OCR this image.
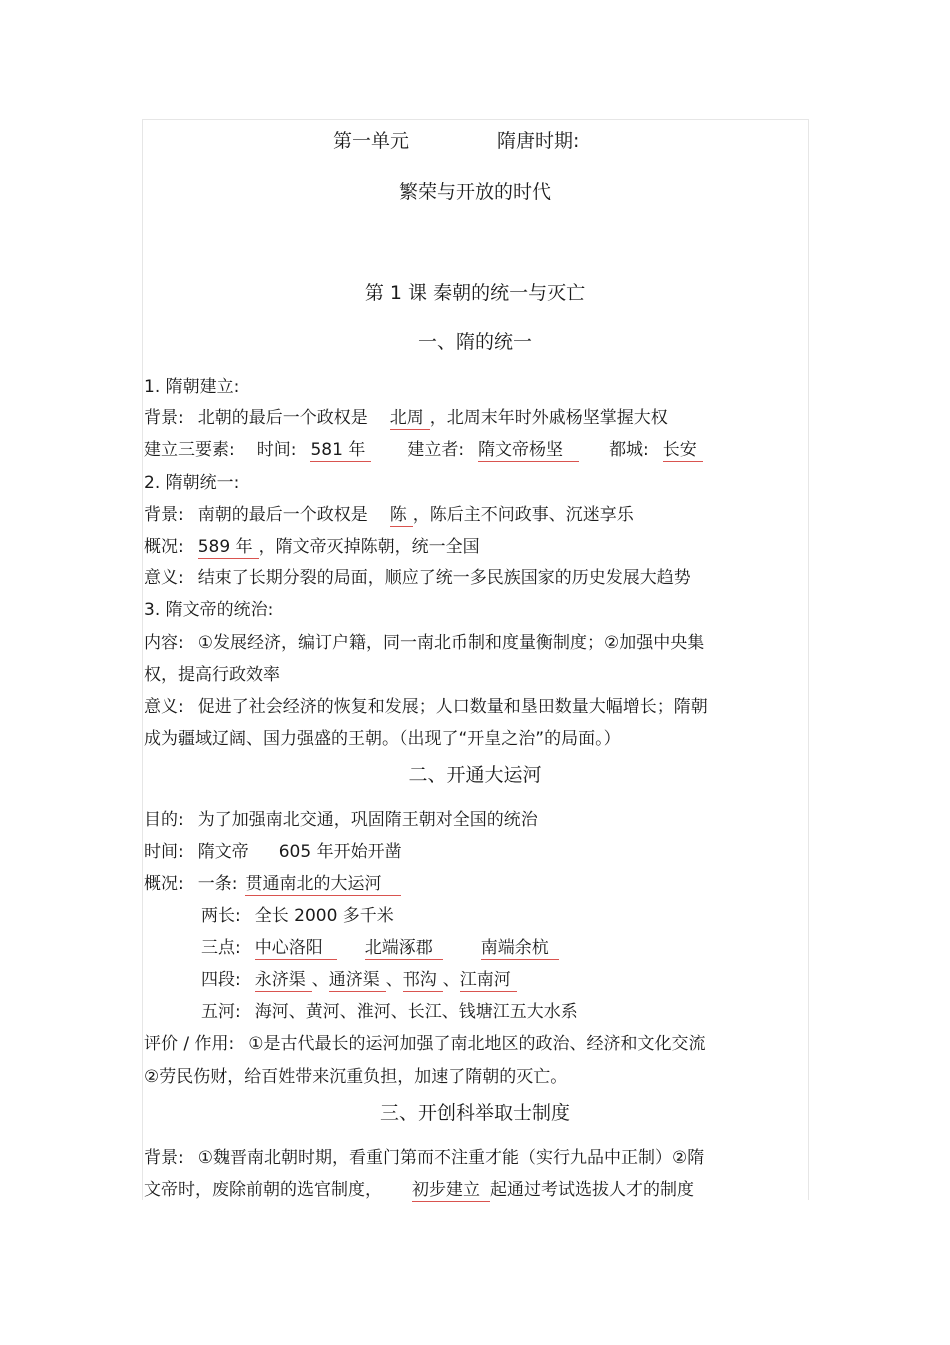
第一单元	隋唐时期:
繁荣与开放的时代
第 1 课 秦朝的统一与灭亡
一、隋的统一
1. 隋朝建立:
背景: 北朝的最后一个政权是 北周 ，北周末年时外戚杨坚掌握大权
建立三要素: 时间: 581 年 建立者: 隋文帝杨坚	都城: 长安
2. 隋朝统一:
背景: 南朝的最后一个政权是 陈 ，陈后主不问政事、沉迷享乐
概况: 589 年 ，隋文帝灭掉陈朝，统一全国
意义: 结束了长期分裂的局面，顺应了统一多民族国家的历史发展大趋势
3. 隋文帝的统治:
内容: ①发展经济，编订户籍，同一南北币制和度量衡制度；②加强中央集
权，提高行政效率
意义: 促进了社会经济的恢复和发展；人口数量和垦田数量大幅增长；隋朝
成为疆域辽阔、国力强盛的王朝。（出现了“开皇之治”的局面。）
二、开通大运河
目的: 为了加强南北交通，巩固隋王朝对全国的统治
时间: 隋文帝 605 年开始开凿
概况: 一条: 贯通南北的大运河
两长: 全长 2000 多千米
三点: 中心洛阳 北端涿郡	南端余杭
四段: 永济渠 、通济渠 、邗沟 、江南河
五河: 海河、黄河、淮河、长江、钱塘江五大水系
评价 / 作用: ①是古代最长的运河加强了南北地区的政治、经济和文化交流
②劳民伤财，给百姓带来沉重负担，加速了隋朝的灭亡。
三、开创科举取士制度
背景: ①魏晋南北朝时期，看重门第而不注重才能（实行九品中正制）②隋
文帝时，废除前朝的选官制度， 初步建立 起通过考试选拔人才的制度
